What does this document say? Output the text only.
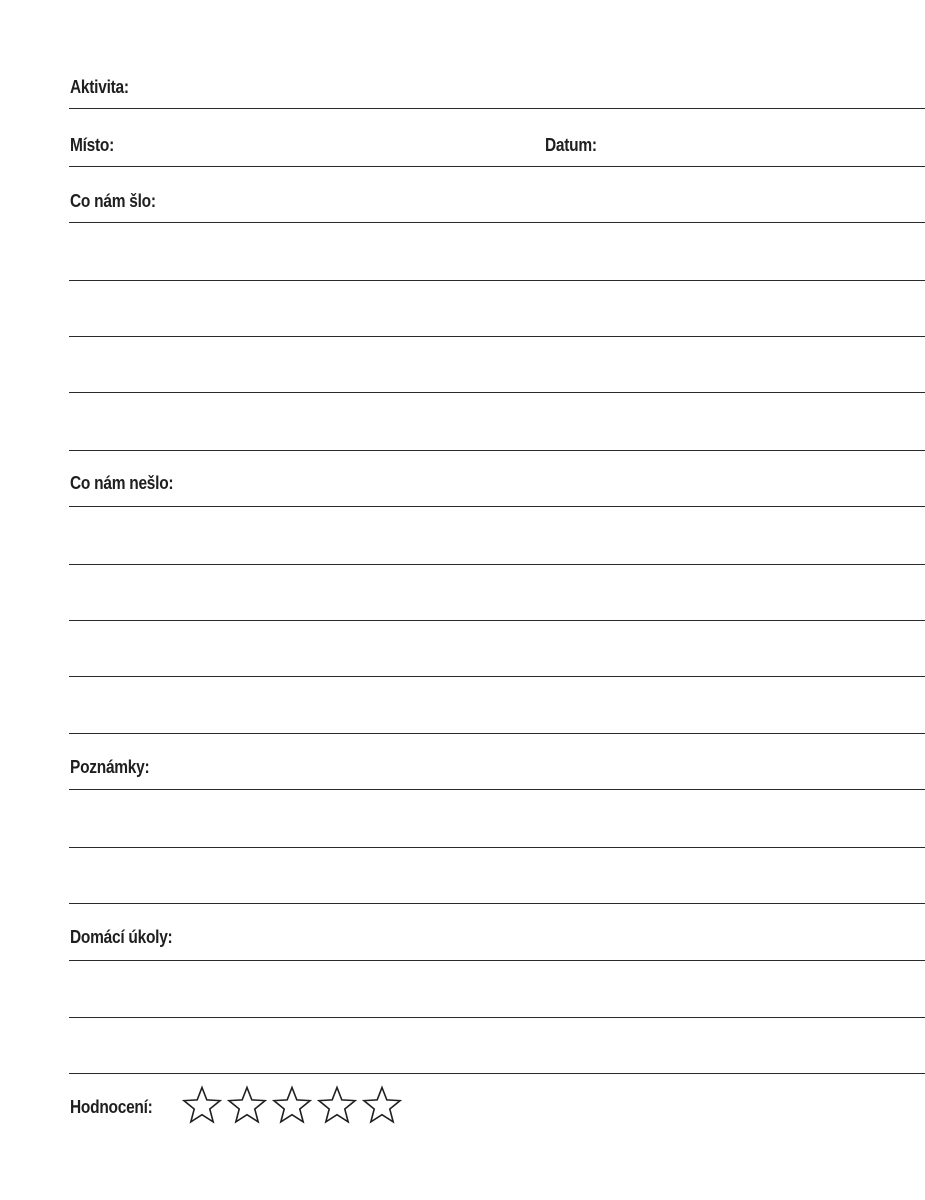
Aktivita:
Místo:	Datum:
Co nám šlo:
Co nám nešlo:
Poznámky:
Domácí úkoly:
Hodnocení:
